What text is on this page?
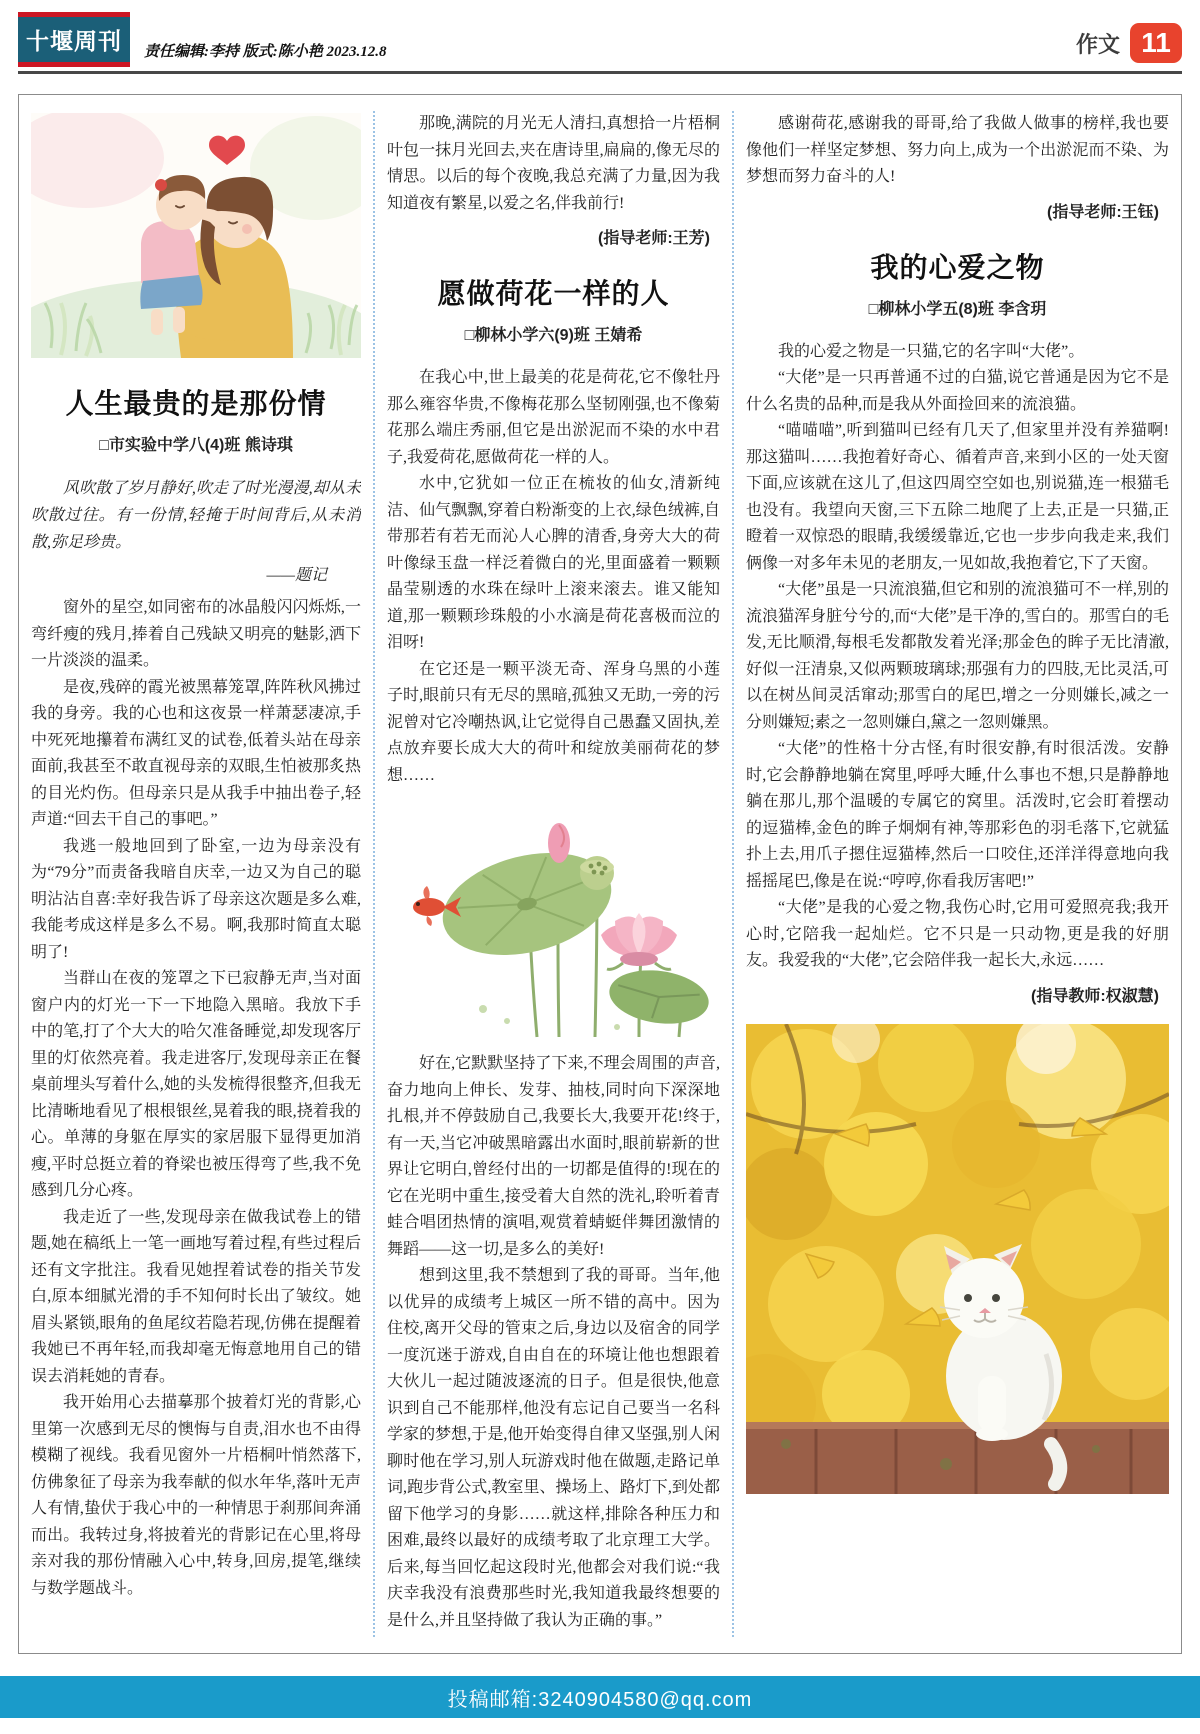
十堰周刊	责任编辑:李持 版式:陈小艳 2023.12.8	作文 11
人生最贵的是那份情
□市实验中学八(4)班 熊诗琪

风吹散了岁月静好,吹走了时光漫漫,却从未吹散过往。有一份情,轻掩于时间背后,从未消散,弥足珍贵。

——题记

窗外的星空,如同密布的冰晶般闪闪烁烁,一弯纤瘦的残月,捧着自己残缺又明亮的魅影,洒下一片淡淡的温柔。

是夜,残碎的霞光被黑幕笼罩,阵阵秋风拂过我的身旁。我的心也和这夜景一样萧瑟凄凉,手中死死地攥着布满红叉的试卷,低着头站在母亲面前,我甚至不敢直视母亲的双眼,生怕被那炙热的目光灼伤。但母亲只是从我手中抽出卷子,轻声道:“回去干自己的事吧。”

我逃一般地回到了卧室,一边为母亲没有为“79分”而责备我暗自庆幸,一边又为自己的聪明沾沾自喜:幸好我告诉了母亲这次题是多么难,我能考成这样是多么不易。啊,我那时简直太聪明了!

当群山在夜的笼罩之下已寂静无声,当对面窗户内的灯光一下一下地隐入黑暗。我放下手中的笔,打了个大大的哈欠准备睡觉,却发现客厅里的灯依然亮着。我走进客厅,发现母亲正在餐桌前埋头写着什么,她的头发梳得很整齐,但我无比清晰地看见了根根银丝,晃着我的眼,挠着我的心。单薄的身躯在厚实的家居服下显得更加消瘦,平时总挺立着的脊梁也被压得弯了些,我不免感到几分心疼。

我走近了一些,发现母亲在做我试卷上的错题,她在稿纸上一笔一画地写着过程,有些过程后还有文字批注。我看见她捏着试卷的指关节发白,原本细腻光滑的手不知何时长出了皱纹。她眉头紧锁,眼角的鱼尾纹若隐若现,仿佛在提醒着我她已不再年轻,而我却毫无悔意地用自己的错误去消耗她的青春。

我开始用心去描摹那个披着灯光的背影,心里第一次感到无尽的懊悔与自责,泪水也不由得模糊了视线。我看见窗外一片梧桐叶悄然落下,仿佛象征了母亲为我奉献的似水年华,落叶无声人有情,蛰伏于我心中的一种情思于刹那间奔涌而出。我转过身,将披着光的背影记在心里,将母亲对我的那份情融入心中,转身,回房,提笔,继续与数学题战斗。

那晚,满院的月光无人清扫,真想拾一片梧桐叶包一抹月光回去,夹在唐诗里,扁扁的,像无尽的情思。以后的每个夜晚,我总充满了力量,因为我知道夜有繁星,以爱之名,伴我前行!

(指导老师:王芳)
愿做荷花一样的人
□柳林小学六(9)班 王婧希

在我心中,世上最美的花是荷花,它不像牡丹那么雍容华贵,不像梅花那么坚韧刚强,也不像菊花那么端庄秀丽,但它是出淤泥而不染的水中君子,我爱荷花,愿做荷花一样的人。

水中,它犹如一位正在梳妆的仙女,清新纯洁、仙气飘飘,穿着白粉渐变的上衣,绿色绒裤,自带那若有若无而沁人心脾的清香,身旁大大的荷叶像绿玉盘一样泛着微白的光,里面盛着一颗颗晶莹剔透的水珠在绿叶上滚来滚去。谁又能知道,那一颗颗珍珠般的小水滴是荷花喜极而泣的泪呀!

在它还是一颗平淡无奇、浑身乌黑的小莲子时,眼前只有无尽的黑暗,孤独又无助,一旁的污泥曾对它冷嘲热讽,让它觉得自己愚蠢又固执,差点放弃要长成大大的荷叶和绽放美丽荷花的梦想……

好在,它默默坚持了下来,不理会周围的声音,奋力地向上伸长、发芽、抽枝,同时向下深深地扎根,并不停鼓励自己,我要长大,我要开花!终于,有一天,当它冲破黑暗露出水面时,眼前崭新的世界让它明白,曾经付出的一切都是值得的!现在的它在光明中重生,接受着大自然的洗礼,聆听着青蛙合唱团热情的演唱,观赏着蜻蜓伴舞团激情的舞蹈——这一切,是多么的美好!

想到这里,我不禁想到了我的哥哥。当年,他以优异的成绩考上城区一所不错的高中。因为住校,离开父母的管束之后,身边以及宿舍的同学一度沉迷于游戏,自由自在的环境让他也想跟着大伙儿一起过随波逐流的日子。但是很快,他意识到自己不能那样,他没有忘记自己要当一名科学家的梦想,于是,他开始变得自律又坚强,别人闲聊时他在学习,别人玩游戏时他在做题,走路记单词,跑步背公式,教室里、操场上、路灯下,到处都留下他学习的身影……就这样,排除各种压力和困难,最终以最好的成绩考取了北京理工大学。后来,每当回忆起这段时光,他都会对我们说:“我庆幸我没有浪费那些时光,我知道我最终想要的是什么,并且坚持做了我认为正确的事。”

感谢荷花,感谢我的哥哥,给了我做人做事的榜样,我也要像他们一样坚定梦想、努力向上,成为一个出淤泥而不染、为梦想而努力奋斗的人!

(指导老师:王钰)
我的心爱之物
□柳林小学五(8)班 李含玥

我的心爱之物是一只猫,它的名字叫“大佬”。

“大佬”是一只再普通不过的白猫,说它普通是因为它不是什么名贵的品种,而是我从外面捡回来的流浪猫。

“喵喵喵”,听到猫叫已经有几天了,但家里并没有养猫啊!那这猫叫……我抱着好奇心、循着声音,来到小区的一处天窗下面,应该就在这儿了,但这四周空空如也,别说猫,连一根猫毛也没有。我望向天窗,三下五除二地爬了上去,正是一只猫,正瞪着一双惊恐的眼睛,我缓缓靠近,它也一步步向我走来,我们俩像一对多年未见的老朋友,一见如故,我抱着它,下了天窗。

“大佬”虽是一只流浪猫,但它和别的流浪猫可不一样,别的流浪猫浑身脏兮兮的,而“大佬”是干净的,雪白的。那雪白的毛发,无比顺滑,每根毛发都散发着光泽;那金色的眸子无比清澈,好似一汪清泉,又似两颗玻璃球;那强有力的四肢,无比灵活,可以在树丛间灵活窜动;那雪白的尾巴,增之一分则嫌长,减之一分则嫌短;素之一忽则嫌白,黛之一忽则嫌黑。

“大佬”的性格十分古怪,有时很安静,有时很活泼。安静时,它会静静地躺在窝里,呼呼大睡,什么事也不想,只是静静地躺在那儿,那个温暖的专属它的窝里。活泼时,它会盯着摆动的逗猫棒,金色的眸子炯炯有神,等那彩色的羽毛落下,它就猛扑上去,用爪子摁住逗猫棒,然后一口咬住,还洋洋得意地向我摇摇尾巴,像是在说:“哼哼,你看我厉害吧!”

“大佬”是我的心爱之物,我伤心时,它用可爱照亮我;我开心时,它陪我一起灿烂。它不只是一只动物,更是我的好朋友。我爱我的“大佬”,它会陪伴我一起长大,永远……

(指导教师:权淑慧)
投稿邮箱:3240904580@qq.com
